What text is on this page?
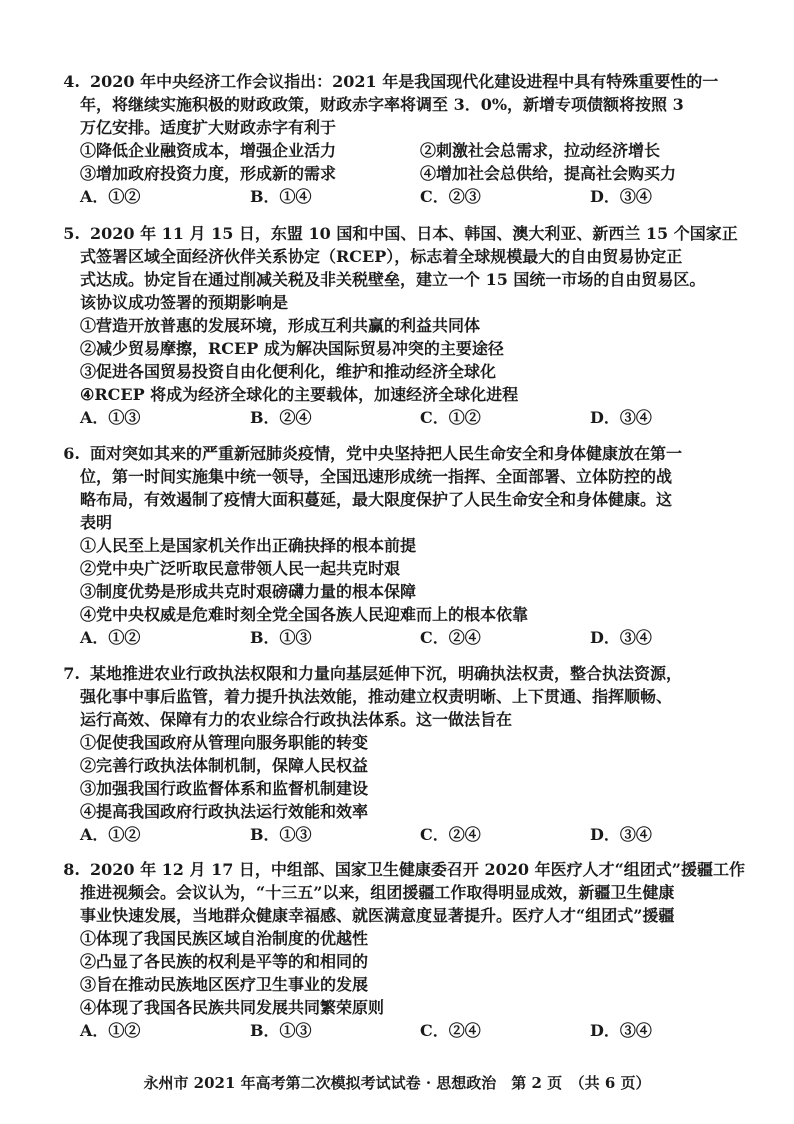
4. 2020 年中央经济工作会议指出：2021 年是我国现代化建设进程中具有特殊重要性的一
年，将继续实施积极的财政政策，财政赤字率将调至 3．0%，新增专项债额将按照 3
万亿安排。适度扩大财政赤字有利于
①降低企业融资成本，增强企业活力	②刺激社会总需求，拉动经济增长
③增加政府投资力度，形成新的需求	④增加社会总供给，提高社会购买力
A．①②	B．①④	C．②③	D．③④
5. 2020 年 11 月 15 日，东盟 10 国和中国、日本、韩国、澳大利亚、新西兰 15 个国家正
式签署区域全面经济伙伴关系协定（RCEP），标志着全球规模最大的自由贸易协定正
式达成。协定旨在通过削减关税及非关税壁垒，建立一个 15 国统一市场的自由贸易区。
该协议成功签署的预期影响是
①营造开放普惠的发展环境，形成互利共赢的利益共同体
②减少贸易摩擦，RCEP 成为解决国际贸易冲突的主要途径
③促进各国贸易投资自由化便利化，维护和推动经济全球化
④RCEP 将成为经济全球化的主要载体，加速经济全球化进程
A．①③	B．②④	C．①②	D．③④
6. 面对突如其来的严重新冠肺炎疫情，党中央坚持把人民生命安全和身体健康放在第一
位，第一时间实施集中统一领导，全国迅速形成统一指挥、全面部署、立体防控的战
略布局，有效遏制了疫情大面积蔓延，最大限度保护了人民生命安全和身体健康。这
表明
①人民至上是国家机关作出正确抉择的根本前提
②党中央广泛听取民意带领人民一起共克时艰
③制度优势是形成共克时艰磅礴力量的根本保障
④党中央权威是危难时刻全党全国各族人民迎难而上的根本依靠
A．①②	B．①③	C．②④	D．③④
7. 某地推进农业行政执法权限和力量向基层延伸下沉，明确执法权责，整合执法资源，
强化事中事后监管，着力提升执法效能，推动建立权责明晰、上下贯通、指挥顺畅、
运行高效、保障有力的农业综合行政执法体系。这一做法旨在
①促使我国政府从管理向服务职能的转变
②完善行政执法体制机制，保障人民权益
③加强我国行政监督体系和监督机制建设
④提高我国政府行政执法运行效能和效率
A．①②	B．①③	C．②④	D．③④
8. 2020 年 12 月 17 日，中组部、国家卫生健康委召开 2020 年医疗人才“组团式”援疆工作
推进视频会。会议认为，“十三五”以来，组团援疆工作取得明显成效，新疆卫生健康
事业快速发展，当地群众健康幸福感、就医满意度显著提升。医疗人才“组团式”援疆
①体现了我国民族区域自治制度的优越性
②凸显了各民族的权利是平等的和相同的
③旨在推动民族地区医疗卫生事业的发展
④体现了我国各民族共同发展共同繁荣原则
A．①②	B．①③	C．②④	D．③④
永州市 2021 年高考第二次模拟考试试卷 · 思想政治　第 2 页　（共 6 页）
